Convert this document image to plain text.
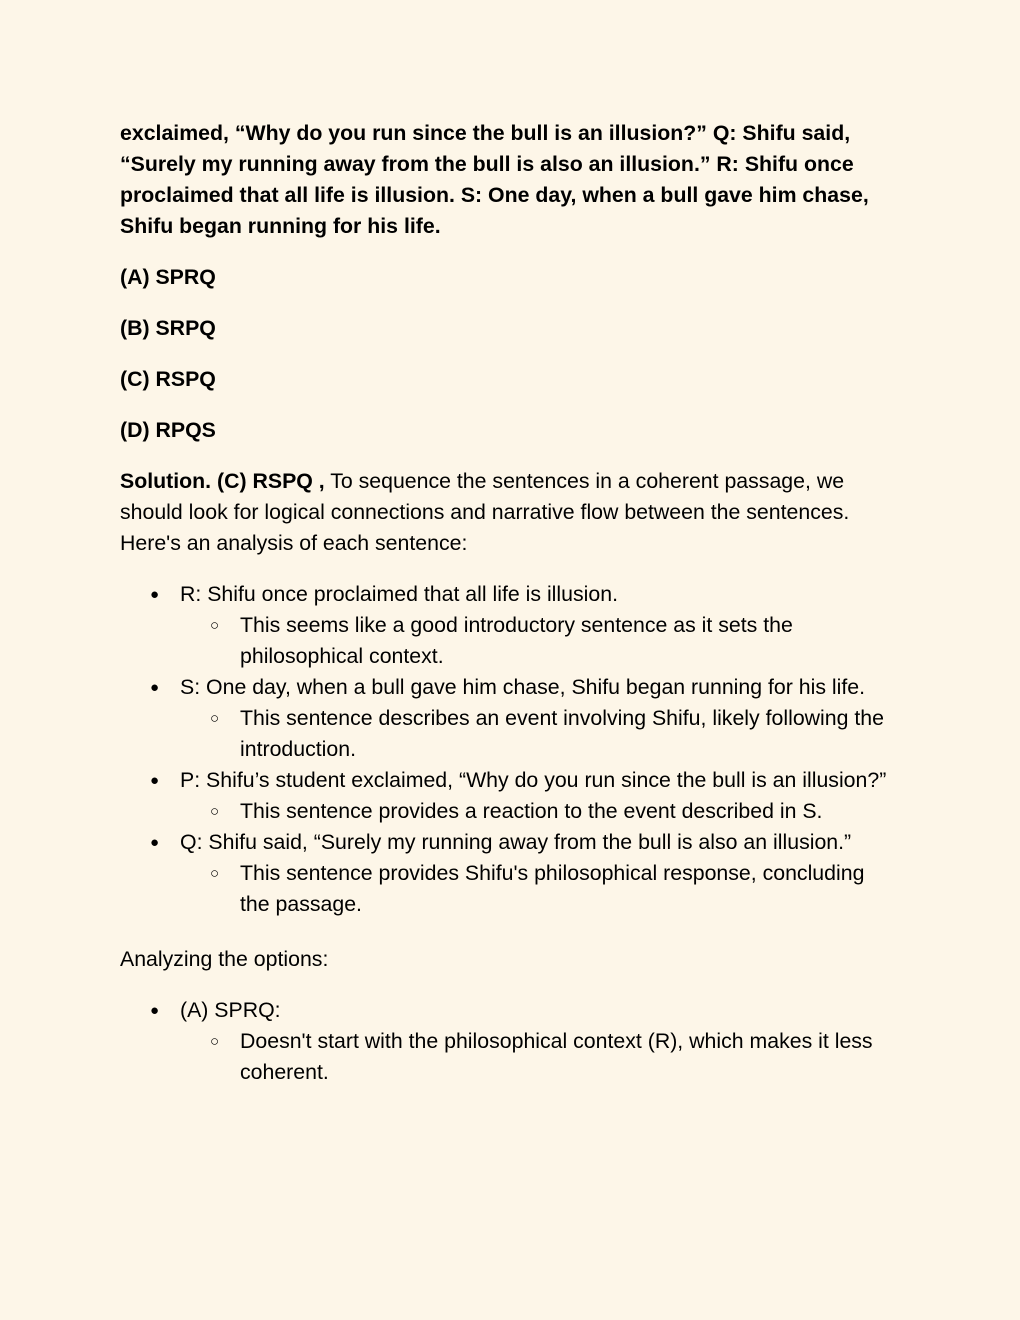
exclaimed, “Why do you run since the bull is an illusion?” Q: Shifu said, “Surely my running away from the bull is also an illusion.” R: Shifu once proclaimed that all life is illusion. S: One day, when a bull gave him chase, Shifu began running for his life.

(A) SPRQ

(B) SRPQ

(C) RSPQ

(D) RPQS

Solution. (C) RSPQ , To sequence the sentences in a coherent passage, we should look for logical connections and narrative flow between the sentences. Here's an analysis of each sentence:

● R: Shifu once proclaimed that all life is illusion.
○ This seems like a good introductory sentence as it sets the philosophical context.
● S: One day, when a bull gave him chase, Shifu began running for his life.
○ This sentence describes an event involving Shifu, likely following the introduction.
● P: Shifu’s student exclaimed, “Why do you run since the bull is an illusion?”
○ This sentence provides a reaction to the event described in S.
● Q: Shifu said, “Surely my running away from the bull is also an illusion.”
○ This sentence provides Shifu's philosophical response, concluding the passage.

Analyzing the options:

● (A) SPRQ:
○ Doesn't start with the philosophical context (R), which makes it less coherent.
